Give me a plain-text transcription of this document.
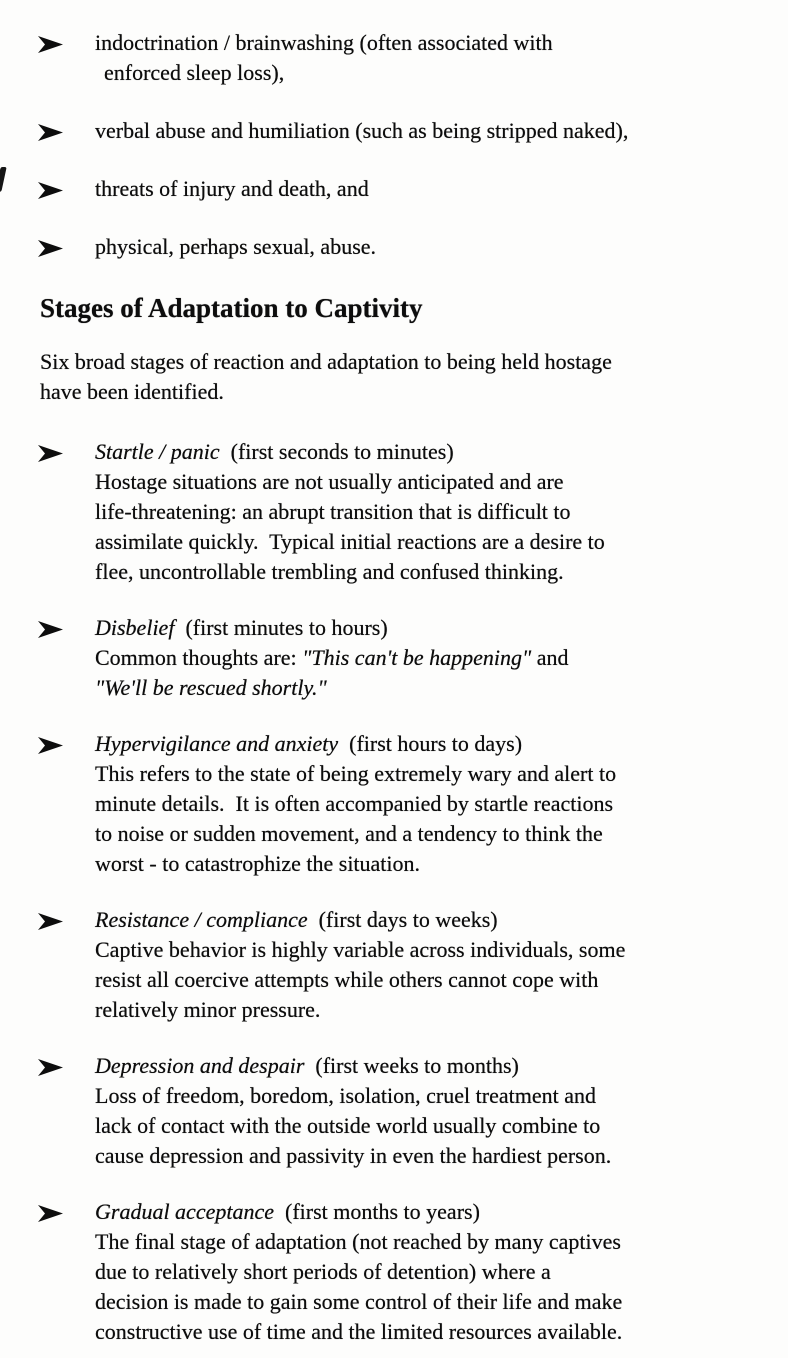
indoctrination / brainwashing (often associated with
enforced sleep loss),
verbal abuse and humiliation (such as being stripped naked),
threats of injury and death, and
physical, perhaps sexual, abuse.
Stages of Adaptation to Captivity
Six broad stages of reaction and adaptation to being held hostage
have been identified.
Startle / panic  (first seconds to minutes)
Hostage situations are not usually anticipated and are
life-threatening: an abrupt transition that is difficult to
assimilate quickly.  Typical initial reactions are a desire to
flee, uncontrollable trembling and confused thinking.
Disbelief  (first minutes to hours)
Common thoughts are: "This can't be happening" and
"We'll be rescued shortly."
Hypervigilance and anxiety  (first hours to days)
This refers to the state of being extremely wary and alert to
minute details.  It is often accompanied by startle reactions
to noise or sudden movement, and a tendency to think the
worst - to catastrophize the situation.
Resistance / compliance  (first days to weeks)
Captive behavior is highly variable across individuals, some
resist all coercive attempts while others cannot cope with
relatively minor pressure.
Depression and despair  (first weeks to months)
Loss of freedom, boredom, isolation, cruel treatment and
lack of contact with the outside world usually combine to
cause depression and passivity in even the hardiest person.
Gradual acceptance  (first months to years)
The final stage of adaptation (not reached by many captives
due to relatively short periods of detention) where a
decision is made to gain some control of their life and make
constructive use of time and the limited resources available.
